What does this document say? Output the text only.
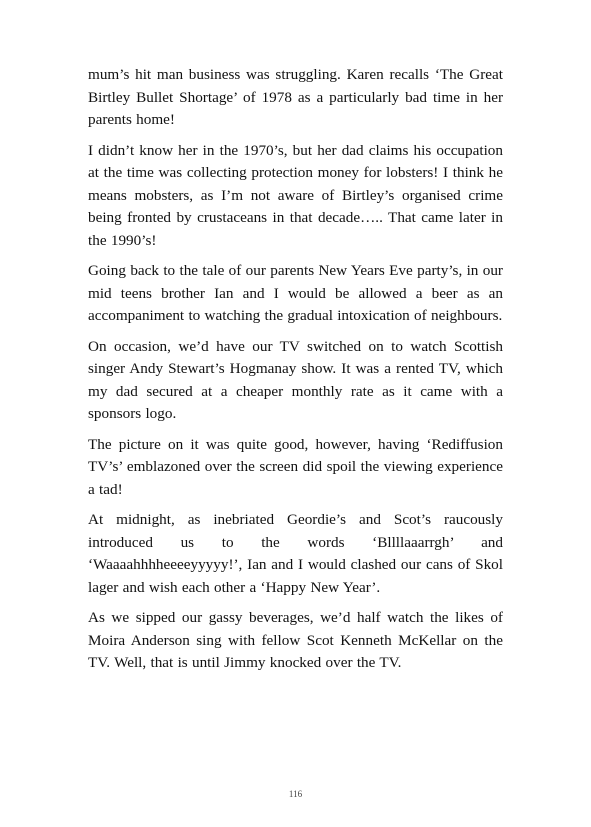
mum’s hit man business was struggling. Karen recalls ‘The Great Birtley Bullet Shortage’ of 1978 as a particularly bad time in her parents home!

I didn’t know her in the 1970’s, but her dad claims his occupation at the time was collecting protection money for lobsters! I think he means mobsters, as I’m not aware of Birtley’s organised crime being fronted by crustaceans in that decade….. That came later in the 1990’s!

Going back to the tale of our parents New Years Eve party’s, in our mid teens brother Ian and I would be allowed a beer as an accompaniment to watching the gradual intoxication of neighbours.

On occasion, we’d have our TV switched on to watch Scottish singer Andy Stewart’s Hogmanay show. It was a rented TV, which my dad secured at a cheaper monthly rate as it came with a sponsors logo.

The picture on it was quite good, however, having ‘Rediffusion TV’s’ emblazoned over the screen did spoil the viewing experience a tad!

At midnight, as inebriated Geordie’s and Scot’s raucously introduced us to the words ‘Bllllaaarrgh’ and ‘Waaaahhhheeeeyyyyy!’, Ian and I would clashed our cans of Skol lager and wish each other a ‘Happy New Year’.

As we sipped our gassy beverages, we’d half watch the likes of Moira Anderson sing with fellow Scot Kenneth McKellar on the TV. Well, that is until Jimmy knocked over the TV.

116
